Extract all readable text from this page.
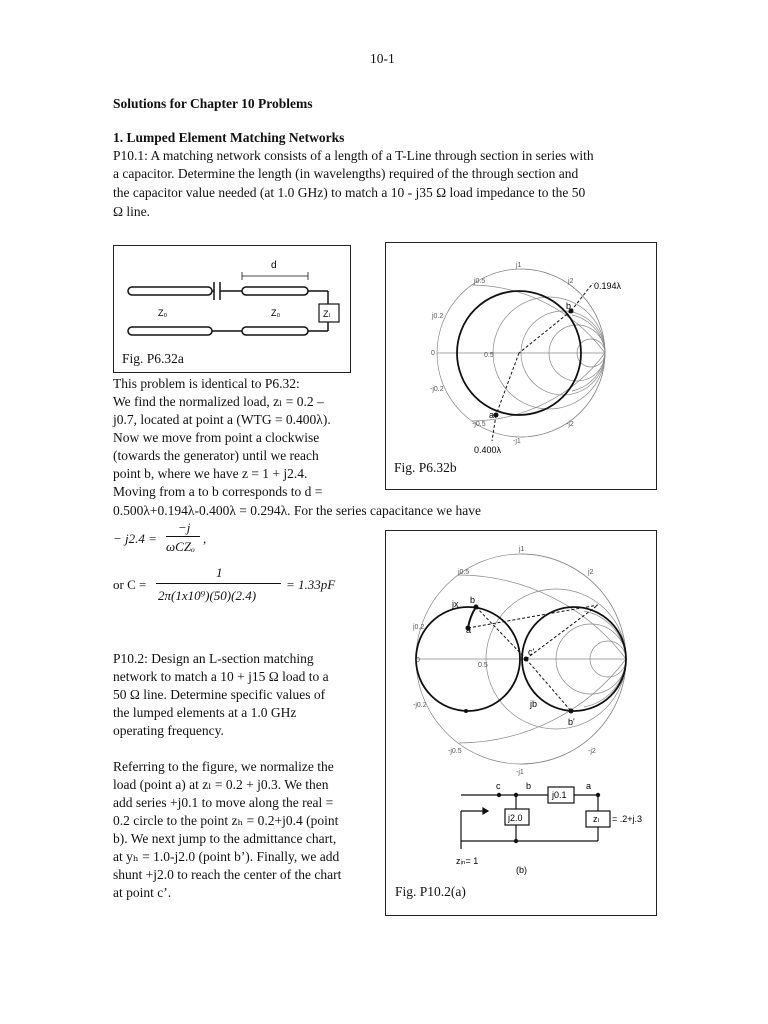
10-1
Solutions for Chapter 10 Problems
1. Lumped Element Matching Networks
P10.1: A matching network consists of a length of a T-Line through section in series with
a capacitor. Determine the length (in wavelengths) required of the through section and
the capacitor value needed (at 1.0 GHz) to match a 10 - j35 Ω load impedance to the 50
Ω line.
d
Z₀	Z₀	Zₗ
Fig. P6.32a
j1
j0.5	j2
j0.2
-j0.2
-j0.5
-j1
-j2
0	0.5
b
a
0.194λ
0.400λ
Fig. P6.32b
This problem is identical to P6.32:
We find the normalized load, zₗ = 0.2 –
j0.7, located at point a (WTG = 0.400λ).
Now we move from point a clockwise
(towards the generator) until we reach
point b, where we have z = 1 + j2.4.
Moving from a to b corresponds to d =
0.500λ+0.194λ-0.400λ = 0.294λ. For the series capacitance we have
− j2.4 =
−j
ωCZₒ
,
or C =
1
2π(1x10⁹)(50)(2.4)
= 1.33pF
P10.2: Design an L-section matching
network to match a 10 + j15 Ω load to a
50 Ω line. Determine specific values of
the lumped elements at a 1.0 GHz
operating frequency.
Referring to the figure, we normalize the
load (point a) at zₗ = 0.2 + j0.3. We then
add series +j0.1 to move along the real =
0.2 circle to the point zₕ = 0.2+j0.4 (point
b). We next jump to the admittance chart,
at yₕ = 1.0-j2.0 (point b’). Finally, we add
shunt +j2.0 to reach the center of the chart
at point c’.
j1
j0.5	j2
j0.2
-j0.2
-j0.5
-j1
-j2
0
0.5
jx b
a
c'
jb
b'
c	b	a
j0.1
j2.0	zₗ = .2+j.3
zᵢₙ= 1
(b)
Fig. P10.2(a)
